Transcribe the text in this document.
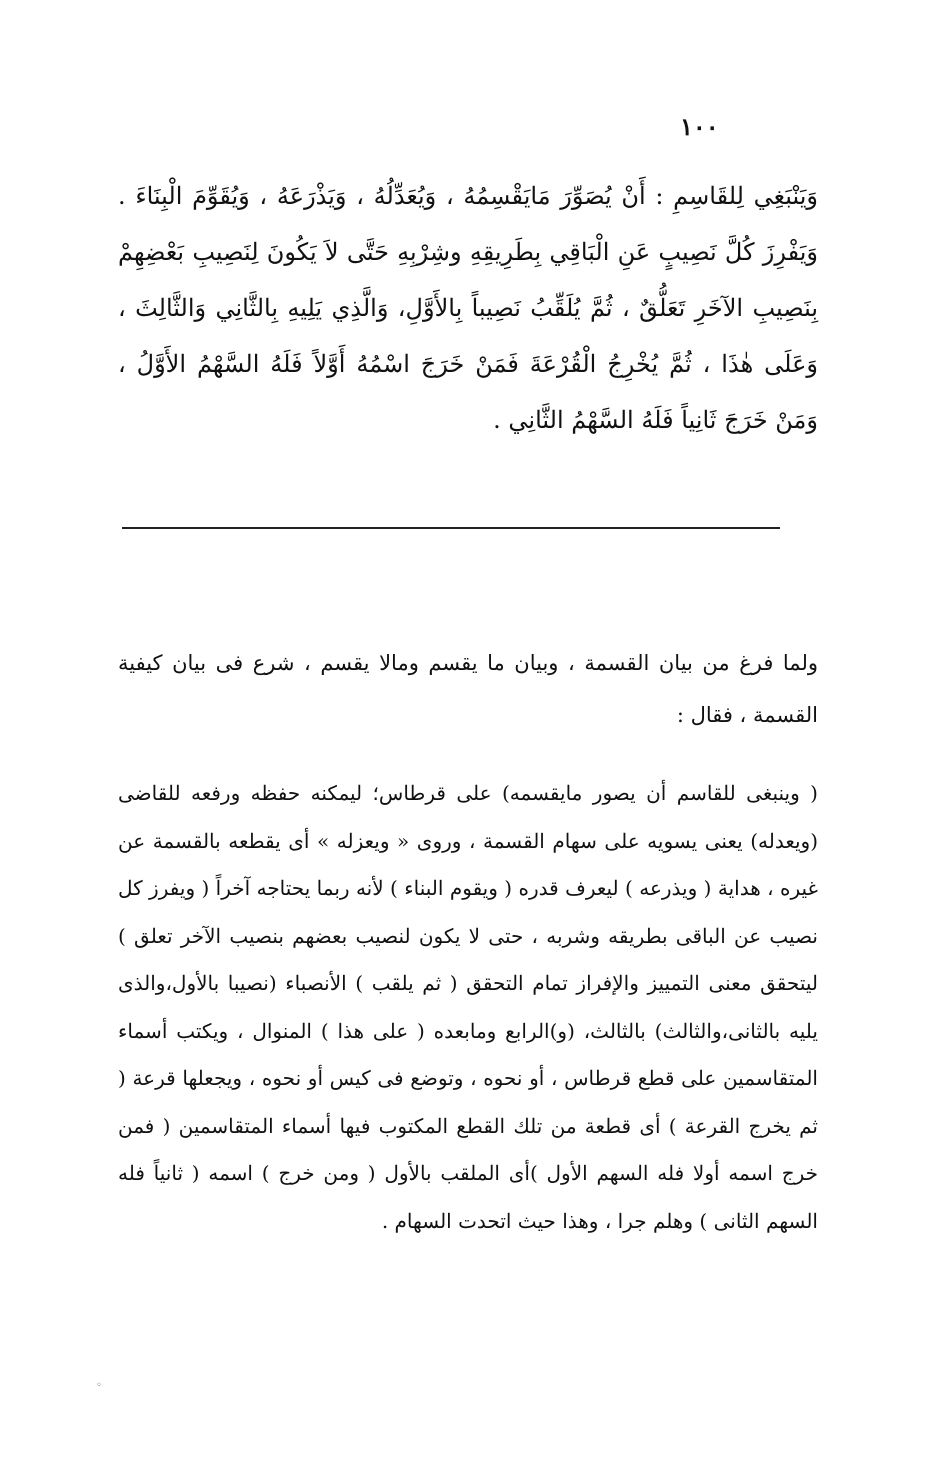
١٠٠

وَيَنْبَغِي لِلقَاسِمِ : أَنْ يُصَوِّرَ مَايَقْسِمُهُ ، وَيُعَدِّلُهُ ، وَيَذْرَعَهُ ، وَيُقَوِّمَ الْبِنَاءَ . وَيَفْرِزَ كُلَّ نَصِيبٍ عَنِ الْبَاقِي بِطَرِيقِهِ وشِرْبِهِ حَتَّى لاَ يَكُونَ لِنَصِيبِ بَعْضِهِمْ بِنَصِيبِ الآخَرِ تَعَلُّقٌ ، ثُمَّ يُلَقِّبُ نَصِيباً بِالأَوَّلِ، وَالَّذِي يَلِيهِ بِالثَّانِي وَالثَّالِثَ ، وَعَلَى هٰذَا ، ثُمَّ يُخْرِجُ الْقُرْعَةَ فَمَنْ خَرَجَ اسْمُهُ أَوَّلاً فَلَهُ السَّهْمُ الأَوَّلُ ، وَمَنْ خَرَجَ ثَانِياً فَلَهُ السَّهْمُ الثَّانِي .

ولما فرغ من بيان القسمة ، وبيان ما يقسم ومالا يقسم ، شرع فى بيان كيفية القسمة ، فقال :

( وينبغى للقاسم أن يصور مايقسمه) على قرطاس؛ ليمكنه حفظه ورفعه للقاضى (ويعدله) يعنى يسويه على سهام القسمة ، وروى « ويعزله » أى يقطعه بالقسمة عن غيره ، هداية ( ويذرعه ) ليعرف قدره ( ويقوم البناء ) لأنه ربما يحتاجه آخراً ( ويفرز كل نصيب عن الباقى بطريقه وشربه ، حتى لا يكون لنصيب بعضهم بنصيب الآخر تعلق ) ليتحقق معنى التمييز والإفراز تمام التحقق ( ثم يلقب ) الأنصباء (نصيبا بالأول،والذى يليه بالثانى،والثالث) بالثالث، (و)الرابع ومابعده ( على هذا ) المنوال ، ويكتب أسماء المتقاسمين على قطع قرطاس ، أو نحوه ، وتوضع فى كيس أو نحوه ، ويجعلها قرعة ( ثم يخرج القرعة ) أى قطعة من تلك القطع المكتوب فيها أسماء المتقاسمين ( فمن خرج اسمه أولا فله السهم الأول )أى الملقب بالأول ( ومن خرج ) اسمه ( ثانياً فله السهم الثانى ) وهلم جرا ، وهذا حيث اتحدت السهام .

◦
